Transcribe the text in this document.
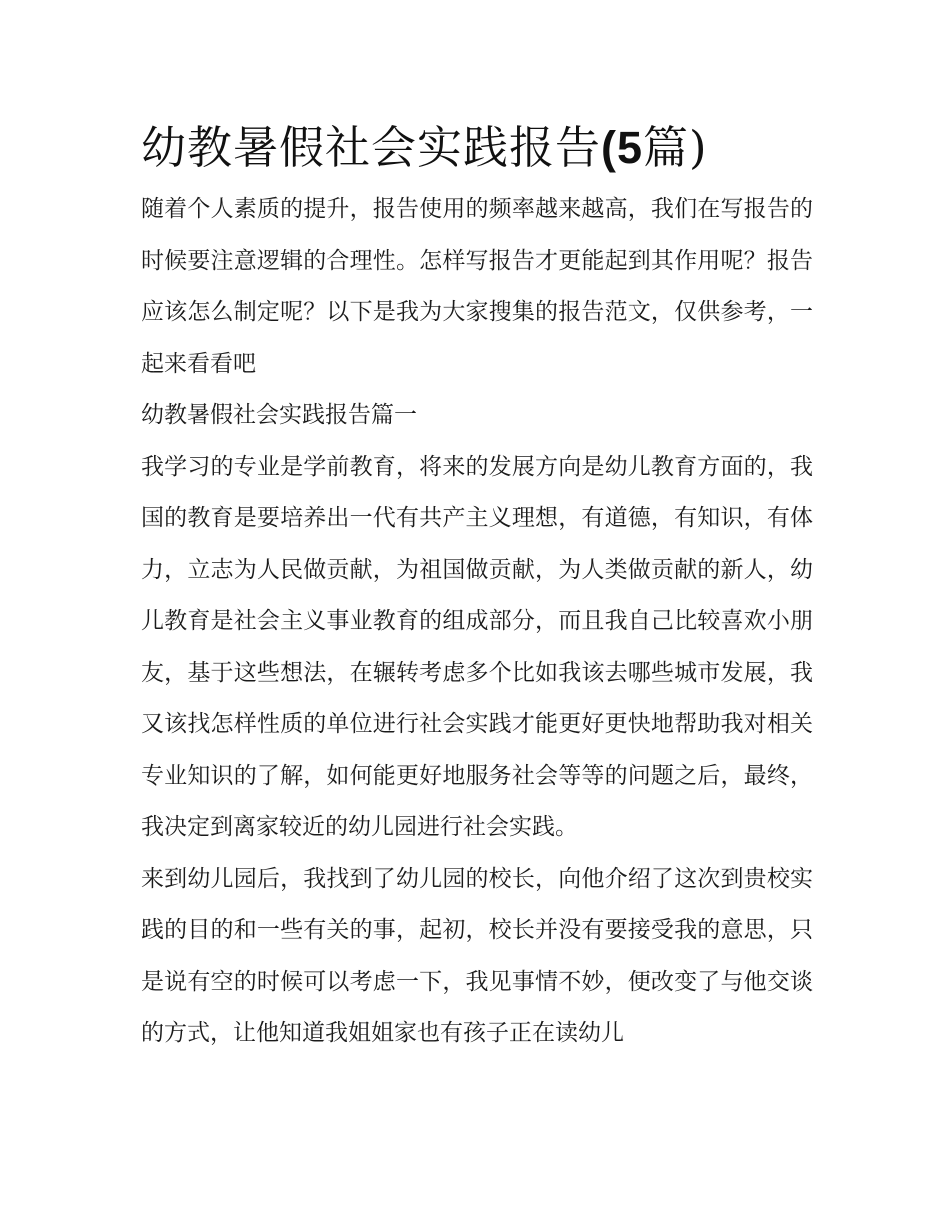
幼教暑假社会实践报告(5篇)

随着个人素质的提升，报告使用的频率越来越高，我们在写报告的时候要注意逻辑的合理性。怎样写报告才更能起到其作用呢？报告应该怎么制定呢？以下是我为大家搜集的报告范文，仅供参考，一起来看看吧

幼教暑假社会实践报告篇一

我学习的专业是学前教育，将来的发展方向是幼儿教育方面的，我国的教育是要培养出一代有共产主义理想，有道德，有知识，有体力，立志为人民做贡献，为祖国做贡献，为人类做贡献的新人，幼儿教育是社会主义事业教育的组成部分，而且我自己比较喜欢小朋友，基于这些想法，在辗转考虑多个比如我该去哪些城市发展，我又该找怎样性质的单位进行社会实践才能更好更快地帮助我对相关专业知识的了解，如何能更好地服务社会等等的问题之后，最终，我决定到离家较近的幼儿园进行社会实践。

来到幼儿园后，我找到了幼儿园的校长，向他介绍了这次到贵校实践的目的和一些有关的事，起初，校长并没有要接受我的意思，只是说有空的时候可以考虑一下，我见事情不妙，便改变了与他交谈的方式，让他知道我姐姐家也有孩子正在读幼儿
